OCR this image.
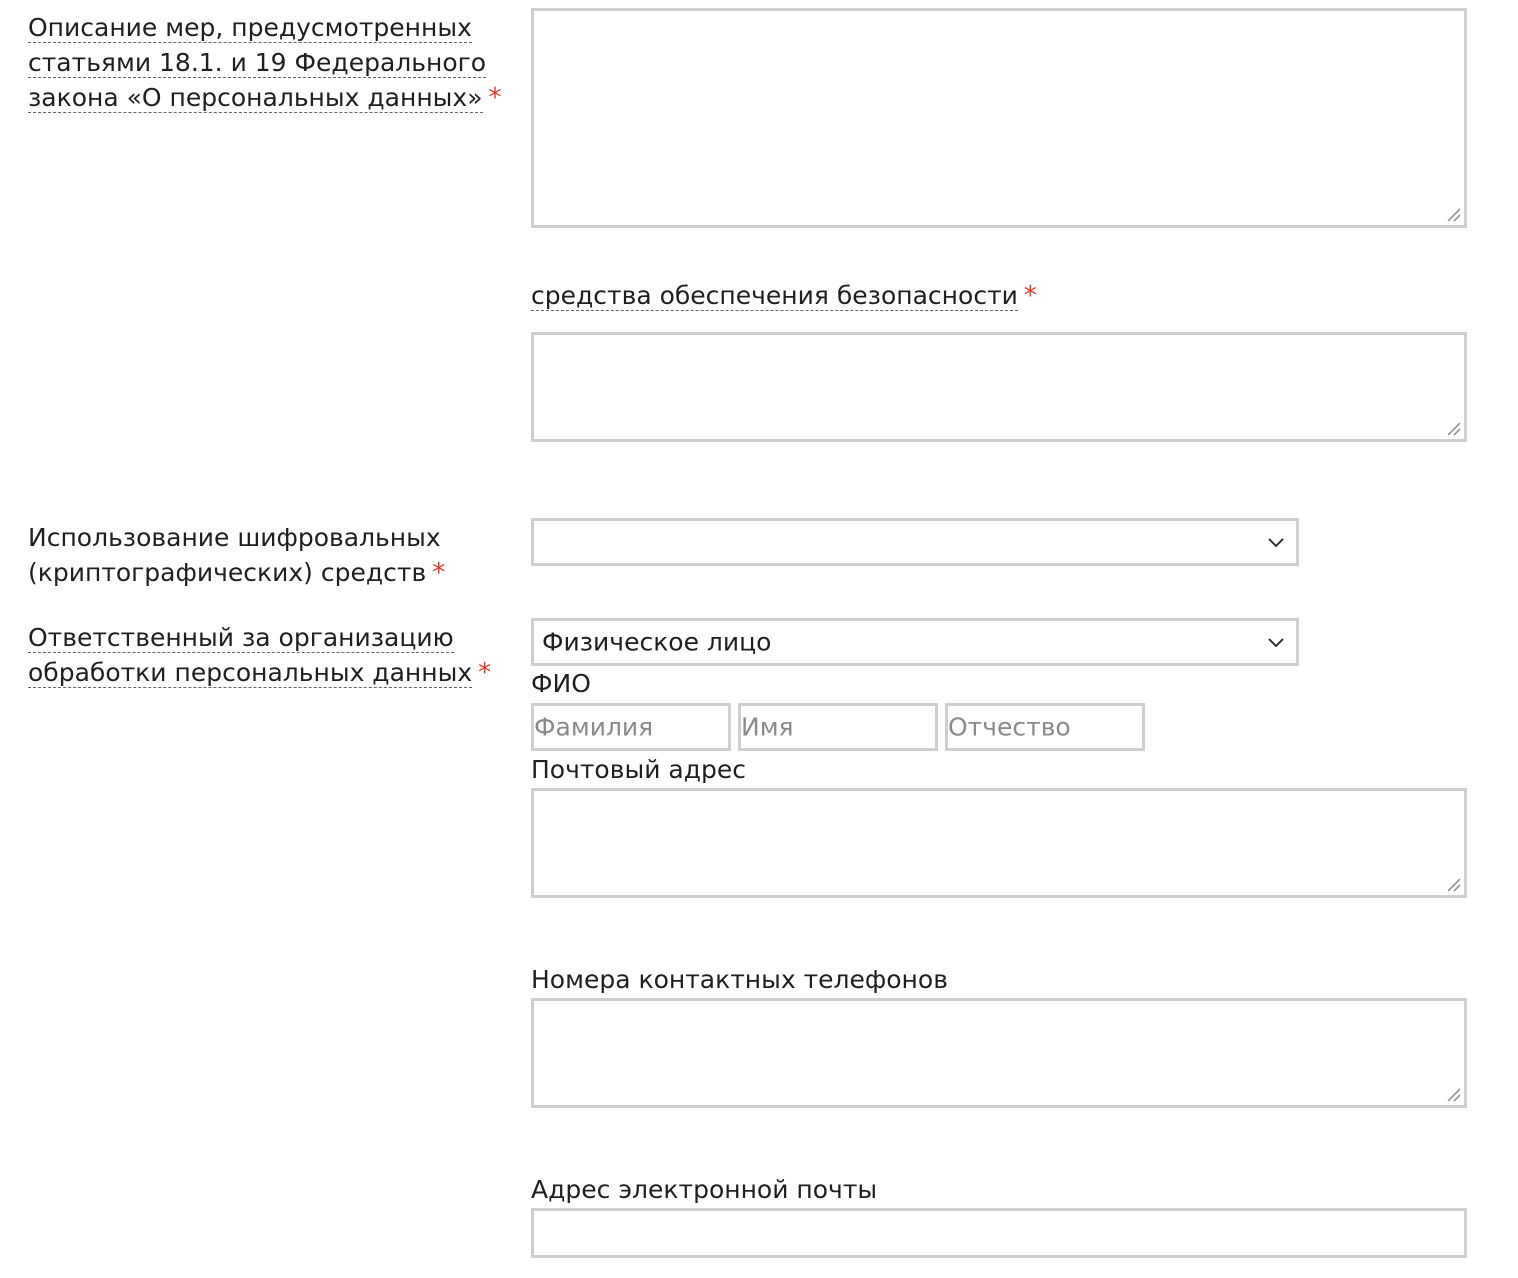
Описание мер, предусмотренных
статьями 18.1. и 19 Федерального
закона «О персональных данных» *
средства обеспечения безопасности *
Использование шифровальных
(криптографических) средств *
Ответственный за организацию
обработки персональных данных *
Физическое лицо
ФИО
Фамилия	Имя	Отчество
Почтовый адрес
Номера контактных телефонов
Адрес электронной почты
